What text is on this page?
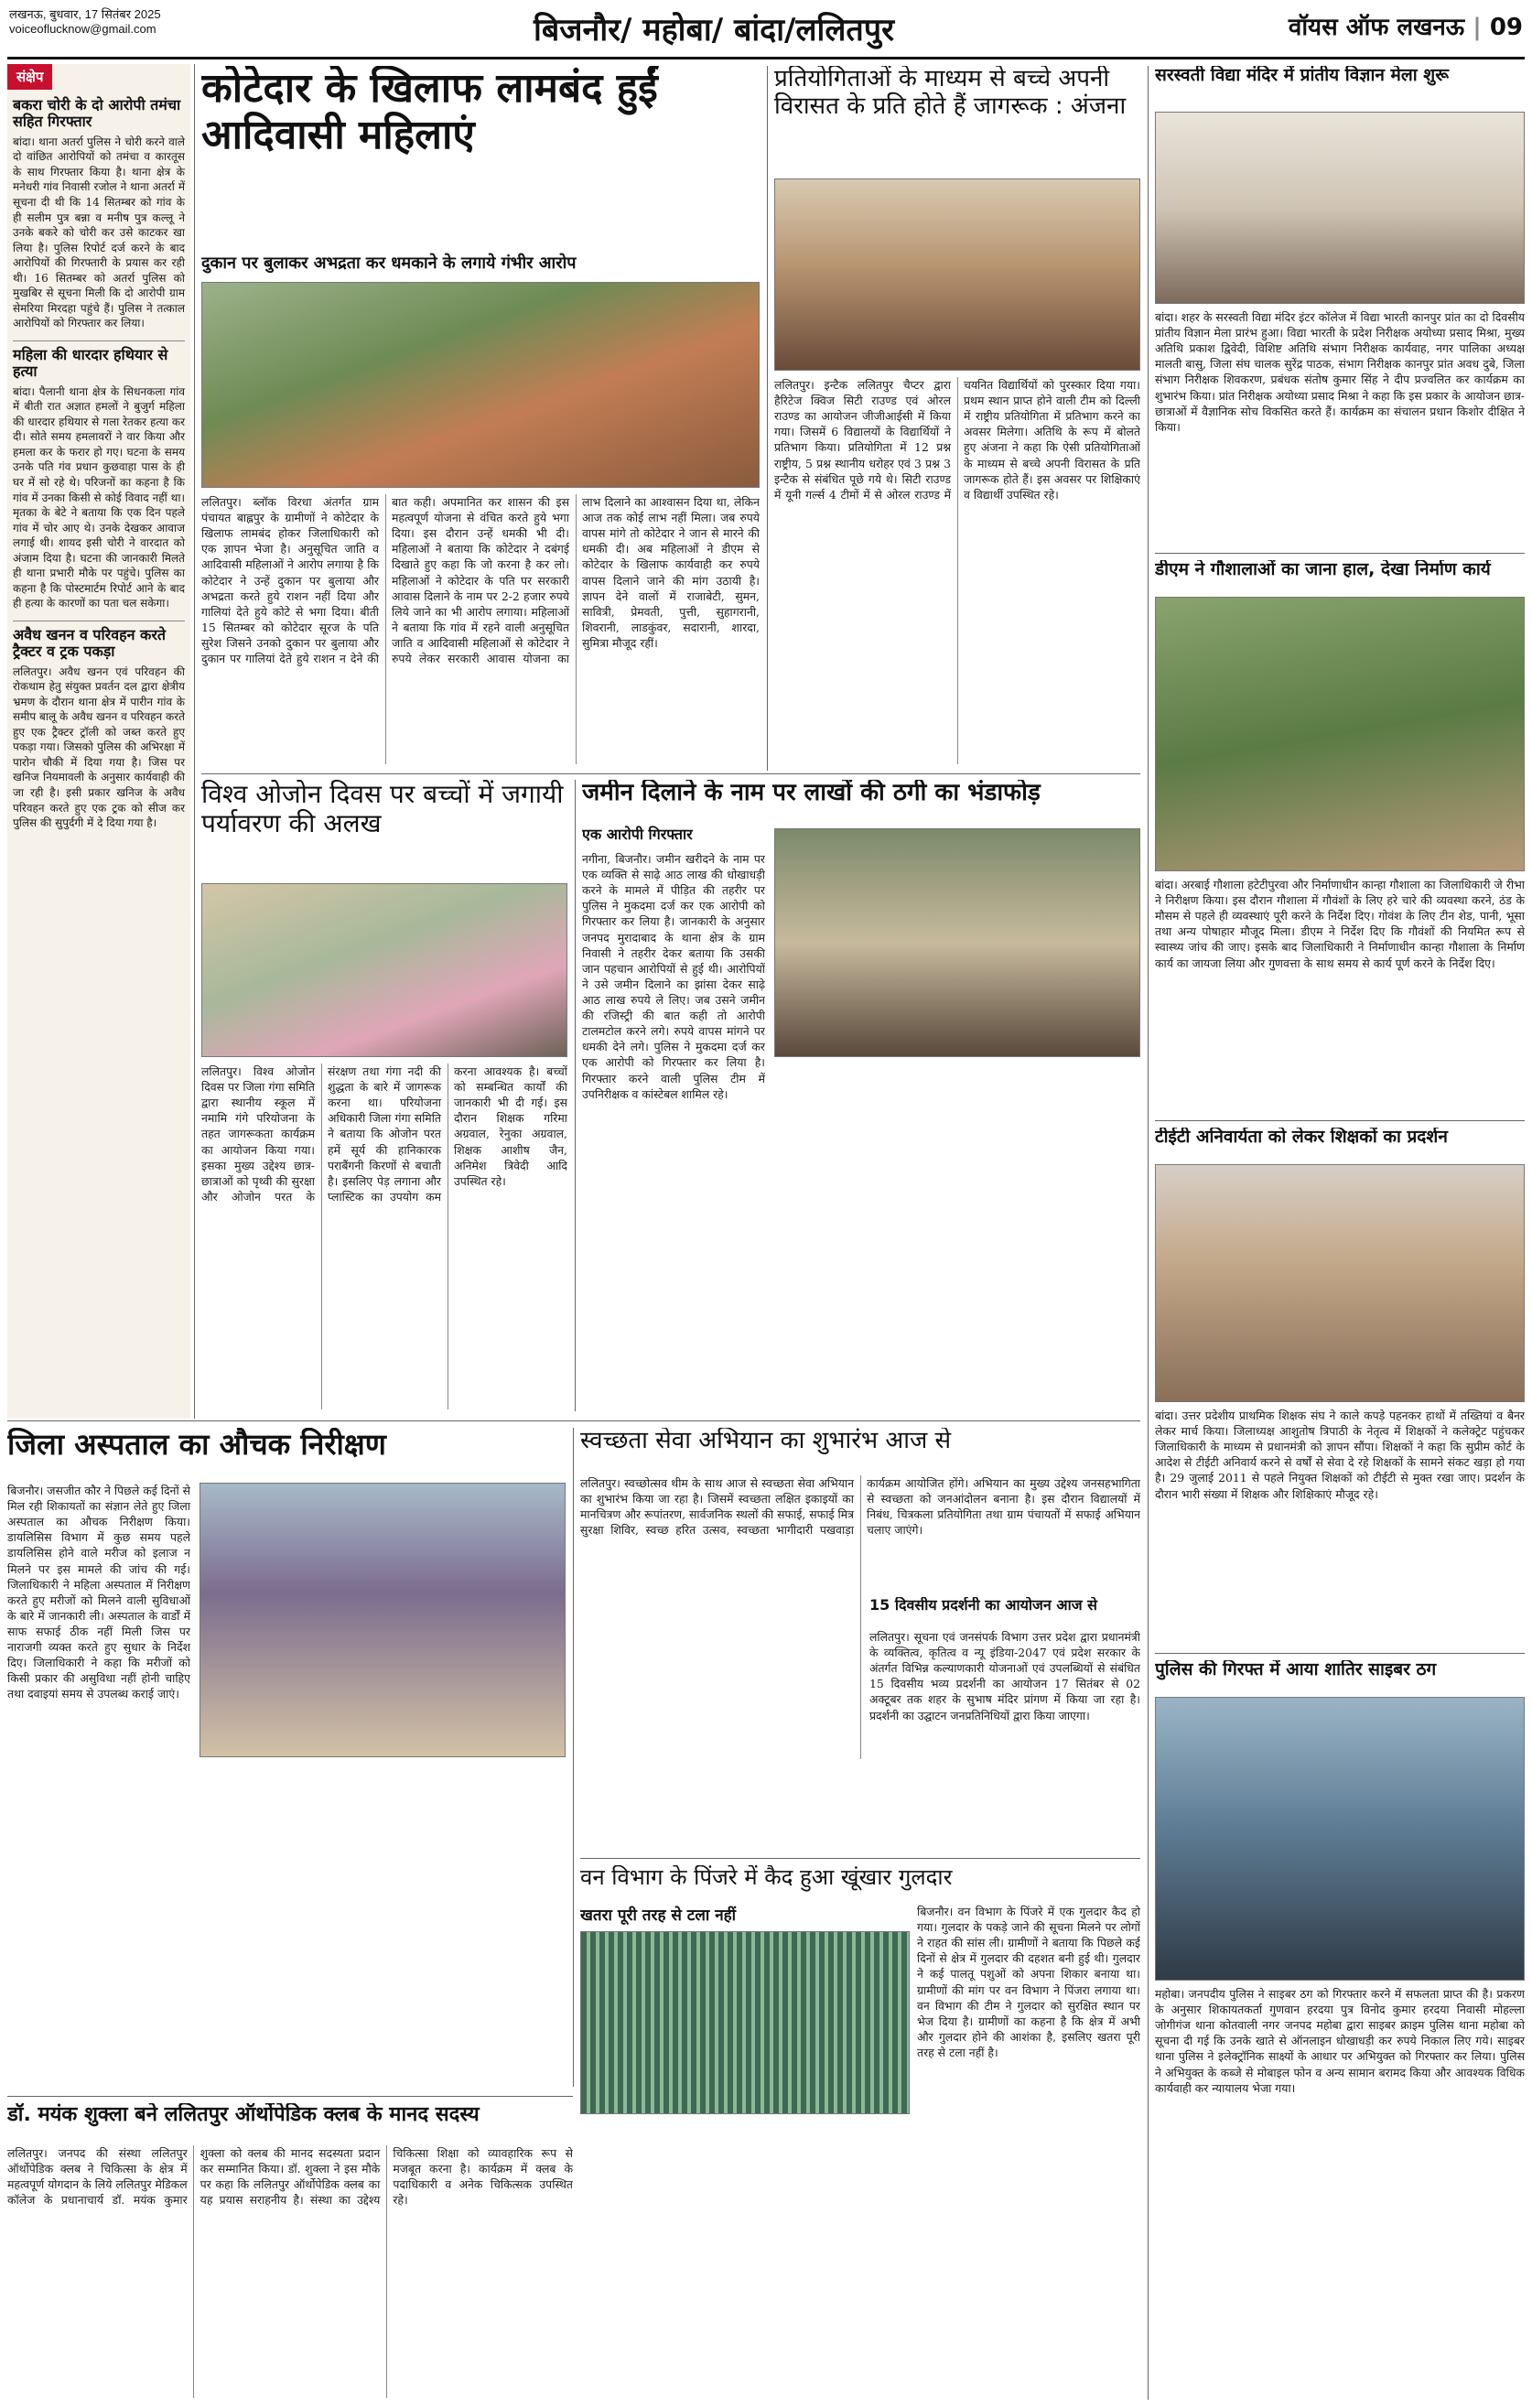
लखनऊ, बुधवार, 17 सितंबर 2025
voiceoflucknow@gmail.com	बिजनौर/ महोबा/ बांदा/ललितपुर	वॉयस ऑफ लखनऊ | 09
संक्षेप
बकरा चोरी के दो आरोपी तमंचा सहित गिरफ्तार
बांदा। थाना अतर्रा पुलिस ने चोरी करने वाले दो वांछित आरोपियों को तमंचा व कारतूस के साथ गिरफ्तार किया है। थाना क्षेत्र के मनेधरी गांव निवासी रजोल ने थाना अतर्रा में सूचना दी थी कि 14 सितम्बर को गांव के ही सलीम पुत्र बन्ना व मनीष पुत्र कल्लू ने उनके बकरे को चोरी कर उसे काटकर खा लिया है। पुलिस रिपोर्ट दर्ज करने के बाद आरोपियों की गिरफ्तारी के प्रयास कर रही थी। 16 सितम्बर को अतर्रा पुलिस को मुखबिर से सूचना मिली कि दो आरोपी ग्राम सेमरिया मिरदहा पहुंचे हैं। पुलिस ने तत्काल आरोपियों को गिरफ्तार कर लिया।
महिला की धारदार हथियार से हत्या
बांदा। पैलानी थाना क्षेत्र के सिधनकला गांव में बीती रात अज्ञात हमलों ने बुजुर्ग महिला की धारदार हथियार से गला रेतकर हत्या कर दी। सोते समय हमलावरों ने वार किया और हमला कर के फरार हो गए। घटना के समय उनके पति गंव प्रधान कुछवाहा पास के ही घर में सो रहे थे। परिजनों का कहना है कि गांव में उनका किसी से कोई विवाद नहीं था। मृतका के बेटे ने बताया कि एक दिन पहले गांव में चोर आए थे। उनके देखकर आवाज लगाई थी। शायद इसी चोरी ने वारदात को अंजाम दिया है। घटना की जानकारी मिलते ही थाना प्रभारी मौके पर पहुंचे। पुलिस का कहना है कि पोस्टमार्टम रिपोर्ट आने के बाद ही हत्या के कारणों का पता चल सकेगा।
अवैध खनन व परिवहन करते ट्रैक्टर व ट्रक पकड़ा
ललितपुर। अवैध खनन एवं परिवहन की रोकथाम हेतु संयुक्त प्रवर्तन दल द्वारा क्षेत्रीय भ्रमण के दौरान थाना क्षेत्र में पारीन गांव के समीप बालू के अवैध खनन व परिवहन करते हुए एक ट्रैक्टर ट्रॉली को जब्त करते हुए पकड़ा गया। जिसको पुलिस की अभिरक्षा में पारोन चौकी में दिया गया है। जिस पर खनिज नियमावली के अनुसार कार्यवाही की जा रही है। इसी प्रकार खनिज के अवैध परिवहन करते हुए एक ट्रक को सीज कर पुलिस की सुपुर्दगी में दे दिया गया है।
कोटेदार के खिलाफ लामबंद हुईं आदिवासी महिलाएं
दुकान पर बुलाकर अभद्रता कर धमकाने के लगाये गंभीर आरोप
ललितपुर। ब्लॉक विरधा अंतर्गत ग्राम पंचायत बाह्लपुर के ग्रामीणों ने कोटेदार के खिलाफ लामबंद होकर जिलाधिकारी को एक ज्ञापन भेजा है। अनुसूचित जाति व आदिवासी महिलाओं ने आरोप लगाया है कि कोटेदार ने उन्हें दुकान पर बुलाया और अभद्रता करते हुये राशन नहीं दिया और गालियां देते हुये कोटे से भगा दिया। बीती 15 सितम्बर को कोटेदार सूरज के पति सुरेश जिसने उनको दुकान पर बुलाया और दुकान पर गालियां देते हुये राशन न देने की बात कही। अपमानित कर शासन की इस महत्वपूर्ण योजना से वंचित करते हुये भगा दिया। इस दौरान उन्हें धमकी भी दी। महिलाओं ने बताया कि कोटेदार ने दबंगई दिखाते हुए कहा कि जो करना है कर लो। महिलाओं ने कोटेदार के पति पर सरकारी आवास दिलाने के नाम पर 2-2 हजार रुपये लिये जाने का भी आरोप लगाया। महिलाओं ने बताया कि गांव में रहने वाली अनुसूचित जाति व आदिवासी महिलाओं से कोटेदार ने रुपये लेकर सरकारी आवास योजना का लाभ दिलाने का आश्वासन दिया था, लेकिन आज तक कोई लाभ नहीं मिला। जब रुपये वापस मांगे तो कोटेदार ने जान से मारने की धमकी दी। अब महिलाओं ने डीएम से कोटेदार के खिलाफ कार्यवाही कर रुपये वापस दिलाने जाने की मांग उठायी है। ज्ञापन देने वालों में राजाबेटी, सुमन, सावित्री, प्रेमवती, पुत्ती, सुहागरानी, शिवरानी, लाडकुंवर, सदारानी, शारदा, सुमित्रा मौजूद रहीं।
प्रतियोगिताओं के माध्यम से बच्चे अपनी विरासत के प्रति होते हैं जागरूक : अंजना
ललितपुर। इन्टैक ललितपुर चैप्टर द्वारा हैरिटेज क्विज सिटी राउण्ड एवं ओरल राउण्ड का आयोजन जीजीआईसी में किया गया। जिसमें 6 विद्यालयों के विद्यार्थियों ने प्रतिभाग किया। प्रतियोगिता में 12 प्रश्न राष्ट्रीय, 5 प्रश्न स्थानीय धरोहर एवं 3 प्रश्न 3 इन्टैक से संबंधित पूछे गये थे। सिटी राउण्ड में यूनी गर्ल्स 4 टीमों में से ओरल राउण्ड में चयनित विद्यार्थियों को पुरस्कार दिया गया। प्रथम स्थान प्राप्त होने वाली टीम को दिल्ली में राष्ट्रीय प्रतियोगिता में प्रतिभाग करने का अवसर मिलेगा। अतिथि के रूप में बोलते हुए अंजना ने कहा कि ऐसी प्रतियोगिताओं के माध्यम से बच्चे अपनी विरासत के प्रति जागरूक होते हैं। इस अवसर पर शिक्षिकाएं व विद्यार्थी उपस्थित रहे।
सरस्वती विद्या मंदिर में प्रांतीय विज्ञान मेला शुरू
बांदा। शहर के सरस्वती विद्या मंदिर इंटर कॉलेज में विद्या भारती कानपुर प्रांत का दो दिवसीय प्रांतीय विज्ञान मेला प्रारंभ हुआ। विद्या भारती के प्रदेश निरीक्षक अयोध्या प्रसाद मिश्रा, मुख्य अतिथि प्रकाश द्विवेदी, विशिष्ट अतिथि संभाग निरीक्षक कार्यवाह, नगर पालिका अध्यक्ष मालती बासु, जिला संघ चालक सुरेंद्र पाठक, संभाग निरीक्षक कानपुर प्रांत अवध दुबे, जिला संभाग निरीक्षक शिवकरण, प्रबंधक संतोष कुमार सिंह ने दीप प्रज्वलित कर कार्यक्रम का शुभारंभ किया। प्रांत निरीक्षक अयोध्या प्रसाद मिश्रा ने कहा कि इस प्रकार के आयोजन छात्र-छात्राओं में वैज्ञानिक सोच विकसित करते हैं। कार्यक्रम का संचालन प्रधान किशोर दीक्षित ने किया।
डीएम ने गौशालाओं का जाना हाल, देखा निर्माण कार्य
बांदा। अरबाई गौशाला हटेटीपुरवा और निर्माणाधीन कान्हा गौशाला का जिलाधिकारी जे रीभा ने निरीक्षण किया। इस दौरान गौशाला में गौवंशों के लिए हरे चारे की व्यवस्था करने, ठंड के मौसम से पहले ही व्यवस्थाएं पूरी करने के निर्देश दिए। गोवंश के लिए टीन शेड, पानी, भूसा तथा अन्य पोषाहार मौजूद मिला। डीएम ने निर्देश दिए कि गौवंशों की नियमित रूप से स्वास्थ्य जांच की जाए। इसके बाद जिलाधिकारी ने निर्माणाधीन कान्हा गौशाला के निर्माण कार्य का जायजा लिया और गुणवत्ता के साथ समय से कार्य पूर्ण करने के निर्देश दिए।
टीईटी अनिवार्यता को लेकर शिक्षकों का प्रदर्शन
बांदा। उत्तर प्रदेशीय प्राथमिक शिक्षक संघ ने काले कपड़े पहनकर हाथों में तख्तियां व बैनर लेकर मार्च किया। जिलाध्यक्ष आशुतोष त्रिपाठी के नेतृत्व में शिक्षकों ने कलेक्ट्रेट पहुंचकर जिलाधिकारी के माध्यम से प्रधानमंत्री को ज्ञापन सौंपा। शिक्षकों ने कहा कि सुप्रीम कोर्ट के आदेश से टीईटी अनिवार्य करने से वर्षों से सेवा दे रहे शिक्षकों के सामने संकट खड़ा हो गया है। 29 जुलाई 2011 से पहले नियुक्त शिक्षकों को टीईटी से मुक्त रखा जाए। प्रदर्शन के दौरान भारी संख्या में शिक्षक और शिक्षिकाएं मौजूद रहे।
पुलिस की गिरफ्त में आया शातिर साइबर ठग
महोबा। जनपदीय पुलिस ने साइबर ठग को गिरफ्तार करने में सफलता प्राप्त की है। प्रकरण के अनुसार शिकायतकर्ता गुणवान हरदया पुत्र विनोद कुमार हरदया निवासी मोहल्ला जोगीगंज थाना कोतवाली नगर जनपद महोबा द्वारा साइबर क्राइम पुलिस थाना महोबा को सूचना दी गई कि उनके खाते से ऑनलाइन धोखाधड़ी कर रुपये निकाल लिए गये। साइबर थाना पुलिस ने इलेक्ट्रॉनिक साक्ष्यों के आधार पर अभियुक्त को गिरफ्तार कर लिया। पुलिस ने अभियुक्त के कब्जे से मोबाइल फोन व अन्य सामान बरामद किया और आवश्यक विधिक कार्यवाही कर न्यायालय भेजा गया।
विश्व ओजोन दिवस पर बच्चों में जगायी पर्यावरण की अलख
ललितपुर। विश्व ओजोन दिवस पर जिला गंगा समिति द्वारा स्थानीय स्कूल में नमामि गंगे परियोजना के तहत जागरूकता कार्यक्रम का आयोजन किया गया। इसका मुख्य उद्देश्य छात्र-छात्राओं को पृथ्वी की सुरक्षा और ओजोन परत के संरक्षण तथा गंगा नदी की शुद्धता के बारे में जागरूक करना था। परियोजना अधिकारी जिला गंगा समिति ने बताया कि ओजोन परत हमें सूर्य की हानिकारक पराबैंगनी किरणों से बचाती है। इसलिए पेड़ लगाना और प्लास्टिक का उपयोग कम करना आवश्यक है। बच्चों को सम्बन्धित कार्यों की जानकारी भी दी गई। इस दौरान शिक्षक गरिमा अग्रवाल, रेनुका अग्रवाल, शिक्षक आशीष जैन, अनिमेश त्रिवेदी आदि उपस्थित रहे।
जमीन दिलाने के नाम पर लाखों की ठगी का भंडाफोड़
एक आरोपी गिरफ्तार
नगीना, बिजनौर। जमीन खरीदने के नाम पर एक व्यक्ति से साढ़े आठ लाख की धोखाधड़ी करने के मामले में पीड़ित की तहरीर पर पुलिस ने मुकदमा दर्ज कर एक आरोपी को गिरफ्तार कर लिया है। जानकारी के अनुसार जनपद मुरादाबाद के थाना क्षेत्र के ग्राम निवासी ने तहरीर देकर बताया कि उसकी जान पहचान आरोपियों से हुई थी। आरोपियों ने उसे जमीन दिलाने का झांसा देकर साढ़े आठ लाख रुपये ले लिए। जब उसने जमीन की रजिस्ट्री की बात कही तो आरोपी टालमटोल करने लगे। रुपये वापस मांगने पर धमकी देने लगे। पुलिस ने मुकदमा दर्ज कर एक आरोपी को गिरफ्तार कर लिया है। गिरफ्तार करने वाली पुलिस टीम में उपनिरीक्षक व कांस्टेबल शामिल रहे।
जिला अस्पताल का औचक निरीक्षण
बिजनौर। जसजीत कौर ने पिछले कई दिनों से मिल रही शिकायतों का संज्ञान लेते हुए जिला अस्पताल का औचक निरीक्षण किया। डायलिसिस विभाग में कुछ समय पहले डायलिसिस होने वाले मरीज को इलाज न मिलने पर इस मामले की जांच की गई। जिलाधिकारी ने महिला अस्पताल में निरीक्षण करते हुए मरीजों को मिलने वाली सुविधाओं के बारे में जानकारी ली। अस्पताल के वार्डों में साफ सफाई ठीक नहीं मिली जिस पर नाराजगी व्यक्त करते हुए सुधार के निर्देश दिए। जिलाधिकारी ने कहा कि मरीजों को किसी प्रकार की असुविधा नहीं होनी चाहिए तथा दवाइयां समय से उपलब्ध कराई जाएं।
स्वच्छता सेवा अभियान का शुभारंभ आज से
ललितपुर। स्वच्छोत्सव थीम के साथ आज से स्वच्छता सेवा अभियान का शुभारंभ किया जा रहा है। जिसमें स्वच्छता लक्षित इकाइयों का मानचित्रण और रूपांतरण, सार्वजनिक स्थलों की सफाई, सफाई मित्र सुरक्षा शिविर, स्वच्छ हरित उत्सव, स्वच्छता भागीदारी पखवाड़ा कार्यक्रम आयोजित होंगे। अभियान का मुख्य उद्देश्य जनसहभागिता से स्वच्छता को जनआंदोलन बनाना है। इस दौरान विद्यालयों में निबंध, चित्रकला प्रतियोगिता तथा ग्राम पंचायतों में सफाई अभियान चलाए जाएंगे।
15 दिवसीय प्रदर्शनी का आयोजन आज से
ललितपुर। सूचना एवं जनसंपर्क विभाग उत्तर प्रदेश द्वारा प्रधानमंत्री के व्यक्तित्व, कृतित्व व न्यू इंडिया-2047 एवं प्रदेश सरकार के अंतर्गत विभिन्न कल्याणकारी योजनाओं एवं उपलब्धियों से संबंधित 15 दिवसीय भव्य प्रदर्शनी का आयोजन 17 सितंबर से 02 अक्टूबर तक शहर के सुभाष मंदिर प्रांगण में किया जा रहा है। प्रदर्शनी का उद्घाटन जनप्रतिनिधियों द्वारा किया जाएगा।
वन विभाग के पिंजरे में कैद हुआ खूंखार गुलदार
खतरा पूरी तरह से टला नहीं	बिजनौर। वन विभाग के पिंजरे में एक गुलदार कैद हो गया। गुलदार के पकड़े जाने की सूचना मिलने पर लोगों ने राहत की सांस ली। ग्रामीणों ने बताया कि पिछले कई दिनों से क्षेत्र में गुलदार की दहशत बनी हुई थी। गुलदार ने कई पालतू पशुओं को अपना शिकार बनाया था। ग्रामीणों की मांग पर वन विभाग ने पिंजरा लगाया था। वन विभाग की टीम ने गुलदार को सुरक्षित स्थान पर भेज दिया है। ग्रामीणों का कहना है कि क्षेत्र में अभी और गुलदार होने की आशंका है, इसलिए खतरा पूरी तरह से टला नहीं है।
डॉ. मयंक शुक्ला बने ललितपुर ऑर्थोपेडिक क्लब के मानद सदस्य
ललितपुर। जनपद की संस्था ललितपुर ऑर्थोपेडिक क्लब ने चिकित्सा के क्षेत्र में महत्वपूर्ण योगदान के लिये ललितपुर मेडिकल कॉलेज के प्रधानाचार्य डॉ. मयंक कुमार शुक्ला को क्लब की मानद सदस्यता प्रदान कर सम्मानित किया। डॉ. शुक्ला ने इस मौके पर कहा कि ललितपुर ऑर्थोपेडिक क्लब का यह प्रयास सराहनीय है। संस्था का उद्देश्य चिकित्सा शिक्षा को व्यावहारिक रूप से मजबूत करना है। कार्यक्रम में क्लब के पदाधिकारी व अनेक चिकित्सक उपस्थित रहे।
